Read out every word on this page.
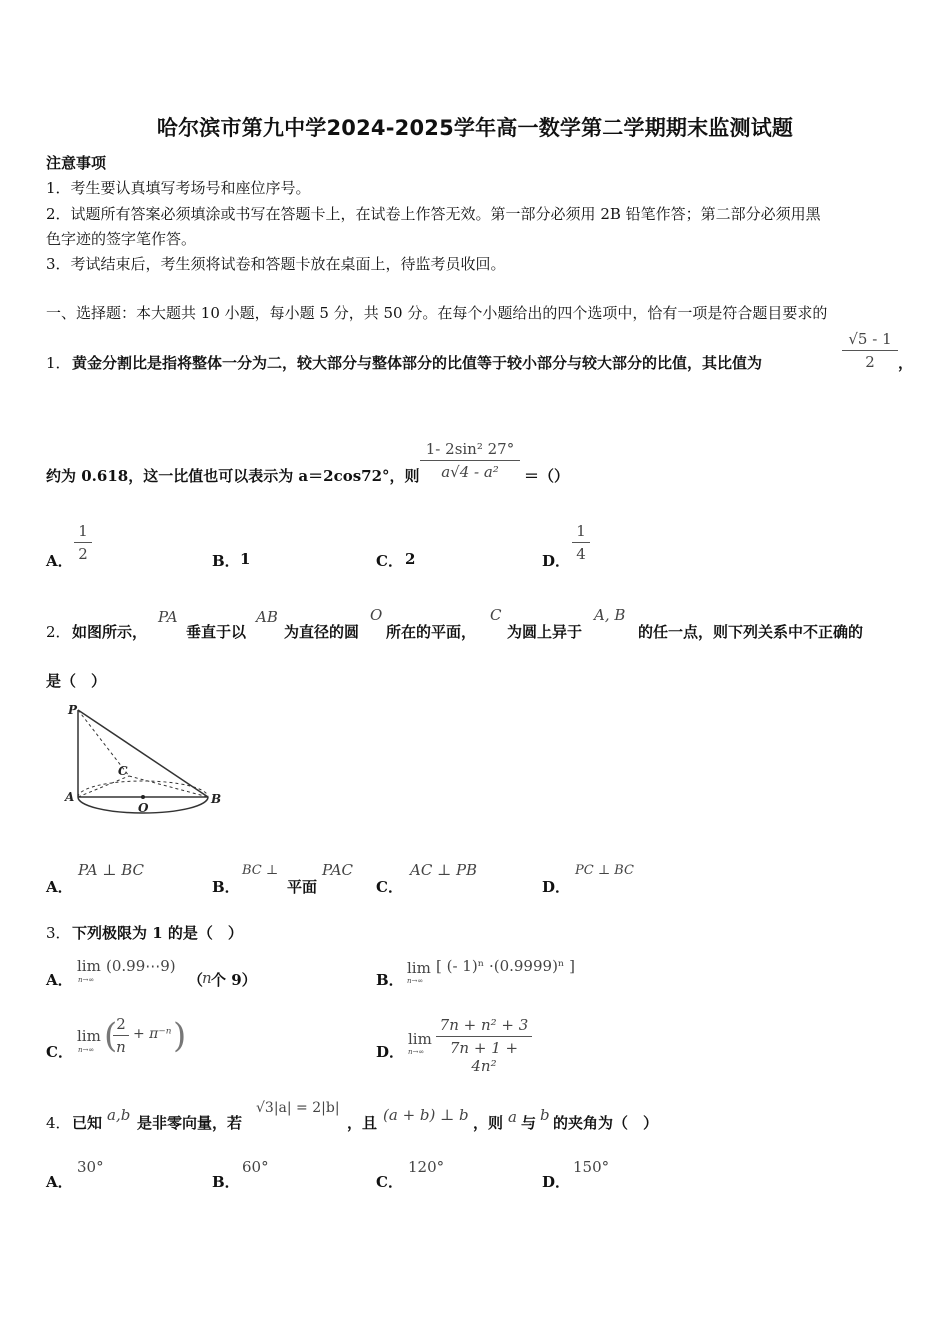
哈尔滨市第九中学2024-2025学年高一数学第二学期期末监测试题
注意事项
1．考生要认真填写考场号和座位序号。
2．试题所有答案必须填涂或书写在答题卡上，在试卷上作答无效。第一部分必须用 2B 铅笔作答；第二部分必须用黑
色字迹的签字笔作答。
3．考试结束后，考生须将试卷和答题卡放在桌面上，待监考员收回。
一、选择题：本大题共 10 小题，每小题 5 分，共 50 分。在每个小题给出的四个选项中，恰有一项是符合题目要求的
1． 黄金分割比是指将整体一分为二，较大部分与整体部分的比值等于较小部分与较大部分的比值，其比值为
√5 - 1
2	，
约为 0.618，这一比值也可以表示为 a＝2cos72°，则
1- 2sin² 27°
a√4 - a²	＝（）
A．
1
2	B． 1	C． 2	D．
1
4
2． 如图所示，
PA
垂直于以
AB
为直径的圆
O
所在的平面，
C
为圆上异于
A, B
的任一点，则下列关系中不正确的
是（　）
P
C
A
O
B
A．
PA ⊥ BC
B．
BC ⊥
平面
PAC
C．
AC ⊥ PB
D．
PC ⊥ BC
3． 下列极限为 1 的是（　）
A．
lim
n→∞
(0.99⋯9)
（
n 个 9）	B．
lim
n→∞
[ (- 1)ⁿ ·(0.9999)ⁿ ]
C．
lim
n→∞ (
2
n
+ π⁻ⁿ )	D．
lim
n→∞
7n + n² + 3
7n + 1 + 4n²
4． 已知 a,b 是非零向量，若
√3|a| = 2|b|
，且 (a + b) ⊥ b ，则 a 与 b 的夹角为（　）
A．
30°
B．
60°
C．
120°
D．
150°
